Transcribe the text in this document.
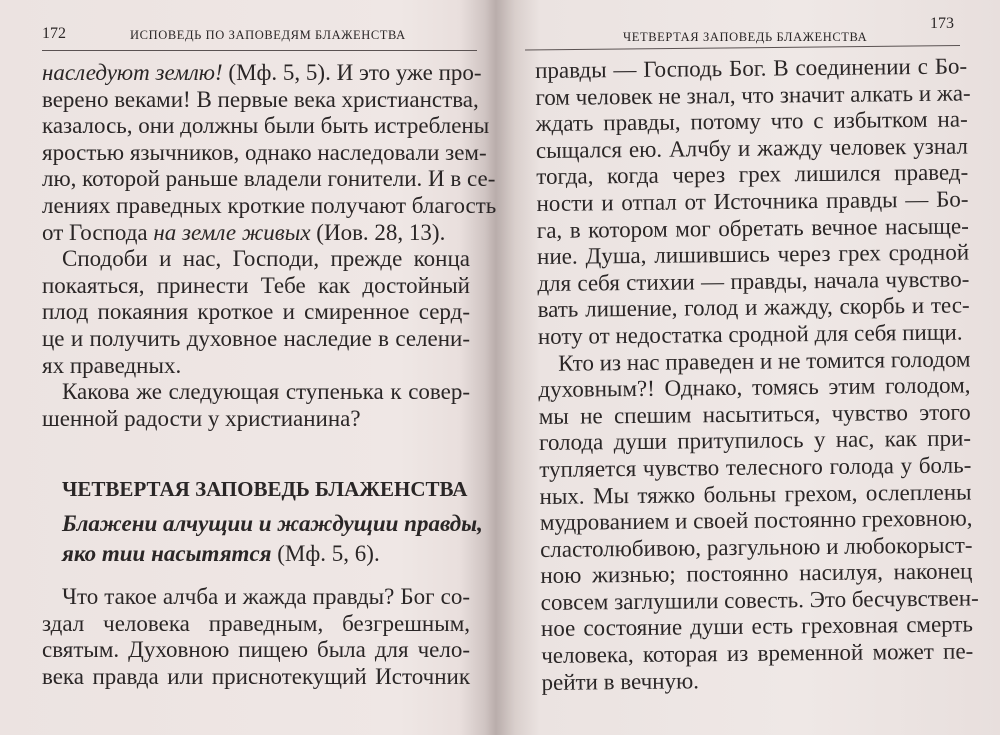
172	ИСПОВЕДЬ ПО ЗАПОВЕДЯМ БЛАЖЕНСТВА
наследуют землю! (Мф. 5, 5). И это уже про-
верено веками! В первые века христианства,
казалось, они должны были быть истреблены
яростью язычников, однако наследовали зем-
лю, которой раньше владели гонители. И в се-
лениях праведных кроткие получают благость
от Господа на земле живых (Иов. 28, 13).
Сподоби и нас, Господи, прежде конца
покаяться, принести Тебе как достойный
плод покаяния кроткое и смиренное серд-
це и получить духовное наследие в селени-
ях праведных.
Какова же следующая ступенька к совер-
шенной радости у христианина?
ЧЕТВЕРТАЯ ЗАПОВЕДЬ БЛАЖЕНСТВА
Блажени алчущии и жаждущии правды,
яко тии насытятся (Мф. 5, 6).
Что такое алчба и жажда правды? Бог со-
здал человека праведным, безгрешным,
святым. Духовною пищею была для чело-
века правда или приснотекущий Источник
173
ЧЕТВЕРТАЯ ЗАПОВЕДЬ БЛАЖЕНСТВА
правды — Господь Бог. В соединении с Бо-
гом человек не знал, что значит алкать и жа-
ждать правды, потому что с избытком на-
сыщался ею. Алчбу и жажду человек узнал
тогда, когда через грех лишился правед-
ности и отпал от Источника правды — Бо-
га, в котором мог обретать вечное насыще-
ние. Душа, лишившись через грех сродной
для себя стихии — правды, начала чувство-
вать лишение, голод и жажду, скорбь и тес-
ноту от недостатка сродной для себя пищи.
Кто из нас праведен и не томится голодом
духовным?! Однако, томясь этим голодом,
мы не спешим насытиться, чувство этого
голода души притупилось у нас, как при-
тупляется чувство телесного голода у боль-
ных. Мы тяжко больны грехом, ослеплены
мудрованием и своей постоянно греховною,
сластолюбивою, разгульною и любокорыст-
ною жизнью; постоянно насилуя, наконец
совсем заглушили совесть. Это бесчувствен-
ное состояние души есть греховная смерть
человека, которая из временной может пе-
рейти в вечную.
